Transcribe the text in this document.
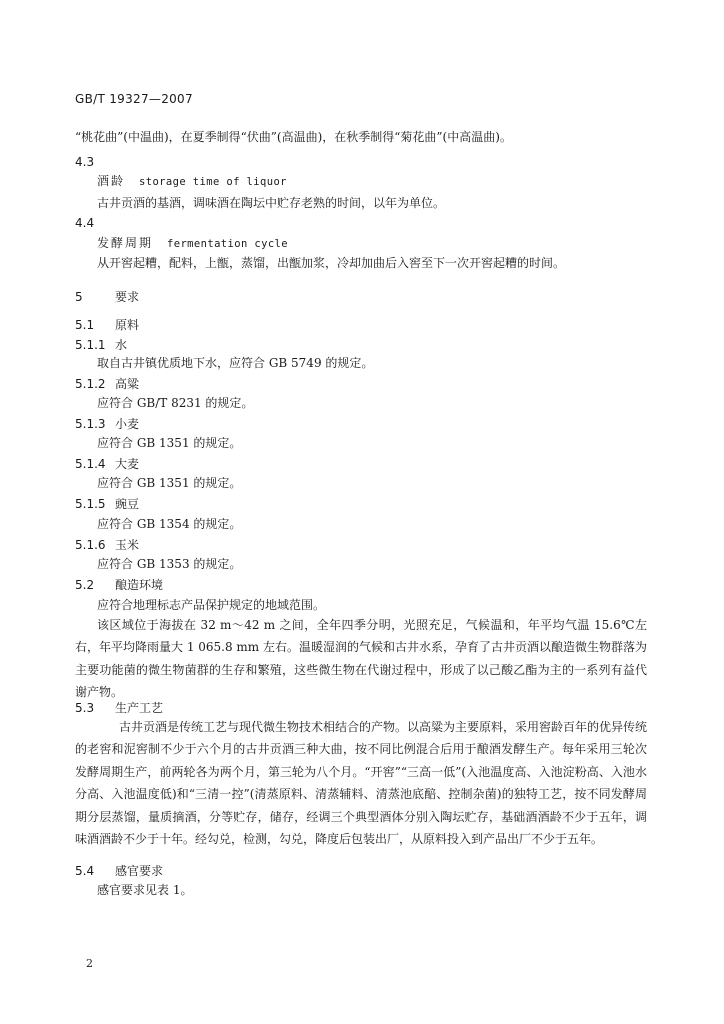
GB/T 19327—2007
“桃花曲”(中温曲)，在夏季制得“伏曲”(高温曲)，在秋季制得“菊花曲”(中高温曲)。
4.3
酒龄 storage time of liquor
古井贡酒的基酒，调味酒在陶坛中贮存老熟的时间，以年为单位。
4.4
发酵周期 fermentation cycle
从开窖起糟，配料，上甑，蒸馏，出甑加浆，冷却加曲后入窖至下一次开窖起糟的时间。
5	要求
5.1 原料
5.1.1 水
取自古井镇优质地下水，应符合 GB 5749 的规定。
5.1.2 高粱
应符合 GB/T 8231 的规定。
5.1.3 小麦
应符合 GB 1351 的规定。
5.1.4 大麦
应符合 GB 1351 的规定。
5.1.5 豌豆
应符合 GB 1354 的规定。
5.1.6 玉米
应符合 GB 1353 的规定。
5.2 酿造环境
应符合地理标志产品保护规定的地域范围。
该区域位于海拔在 32 m～42 m 之间，全年四季分明，光照充足，气候温和，年平均气温 15.6℃左右，年平均降雨量大 1 065.8 mm 左右。温暖湿润的气候和古井水系，孕育了古井贡酒以酿造微生物群落为主要功能菌的微生物菌群的生存和繁殖，这些微生物在代谢过程中，形成了以己酸乙酯为主的一系列有益代谢产物。
5.3 生产工艺
古井贡酒是传统工艺与现代微生物技术相结合的产物。以高粱为主要原料，采用窖龄百年的优异传统的老窖和泥窖制不少于六个月的古井贡酒三种大曲，按不同比例混合后用于酿酒发酵生产。每年采用三轮次发酵周期生产，前两轮各为两个月，第三轮为八个月。“开窖”“三高一低”(入池温度高、入池淀粉高、入池水分高、入池温度低)和“三清一控”(清蒸原料、清蒸辅料、清蒸池底醅、控制杂菌)的独特工艺，按不同发酵周期分层蒸馏，量质摘酒，分等贮存，储存，经调三个典型酒体分别入陶坛贮存，基础酒酒龄不少于五年，调味酒酒龄不少于十年。经勾兑，检测，勾兑，降度后包装出厂，从原料投入到产品出厂不少于五年。
5.4 感官要求
感官要求见表 1。
2
